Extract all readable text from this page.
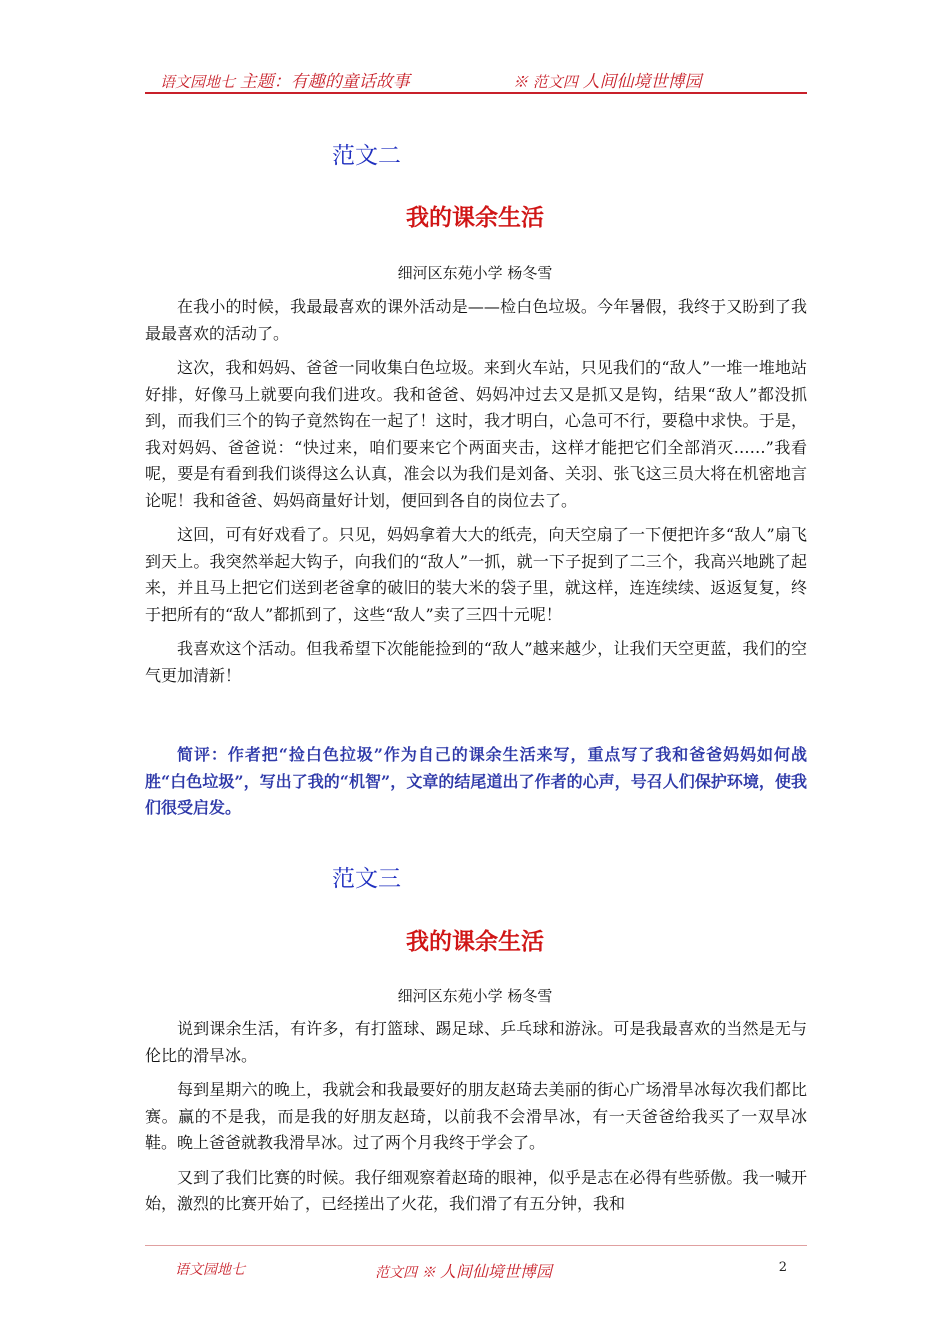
语文园地七 主题：有趣的童话故事	※ 范文四 人间仙境世博园
范文二
我的课余生活
细河区东苑小学 杨冬雪

在我小的时候，我最最喜欢的课外活动是——检白色垃圾。今年暑假，我终于又盼到了我最最喜欢的活动了。

这次，我和妈妈、爸爸一同收集白色垃圾。来到火车站，只见我们的“敌人”一堆一堆地站好排，好像马上就要向我们进攻。我和爸爸、妈妈冲过去又是抓又是钩，结果“敌人”都没抓到，而我们三个的钩子竟然钩在一起了！这时，我才明白，心急可不行，要稳中求快。于是，我对妈妈、爸爸说：“快过来，咱们要来它个两面夹击，这样才能把它们全部消灭……”我看呢，要是有看到我们谈得这么认真，准会以为我们是刘备、关羽、张飞这三员大将在机密地言论呢！我和爸爸、妈妈商量好计划，便回到各自的岗位去了。

这回，可有好戏看了。只见，妈妈拿着大大的纸壳，向天空扇了一下便把许多“敌人”扇飞到天上。我突然举起大钩子，向我们的“敌人”一抓，就一下子捉到了二三个，我高兴地跳了起来，并且马上把它们送到老爸拿的破旧的装大米的袋子里，就这样，连连续续、返返复复，终于把所有的“敌人”都抓到了，这些“敌人”卖了三四十元呢！

我喜欢这个活动。但我希望下次能能捡到的“敌人”越来越少，让我们天空更蓝，我们的空气更加清新！

简评：作者把“捡白色拉圾”作为自己的课余生活来写，重点写了我和爸爸妈妈如何战胜“白色垃圾”，写出了我的“机智”，文章的结尾道出了作者的心声，号召人们保护环境，使我们很受启发。

范文三
我的课余生活
细河区东苑小学 杨冬雪

说到课余生活，有许多，有打篮球、踢足球、乒乓球和游泳。可是我最喜欢的当然是无与伦比的滑旱冰。

每到星期六的晚上，我就会和我最要好的朋友赵琦去美丽的街心广场滑旱冰每次我们都比赛。赢的不是我，而是我的好朋友赵琦，以前我不会滑旱冰，有一天爸爸给我买了一双旱冰鞋。晚上爸爸就教我滑旱冰。过了两个月我终于学会了。

又到了我们比赛的时候。我仔细观察着赵琦的眼神，似乎是志在必得有些骄傲。我一喊开始，激烈的比赛开始了，已经搓出了火花，我们滑了有五分钟，我和

语文园地七	范文四 ※ 人间仙境世博园	2
